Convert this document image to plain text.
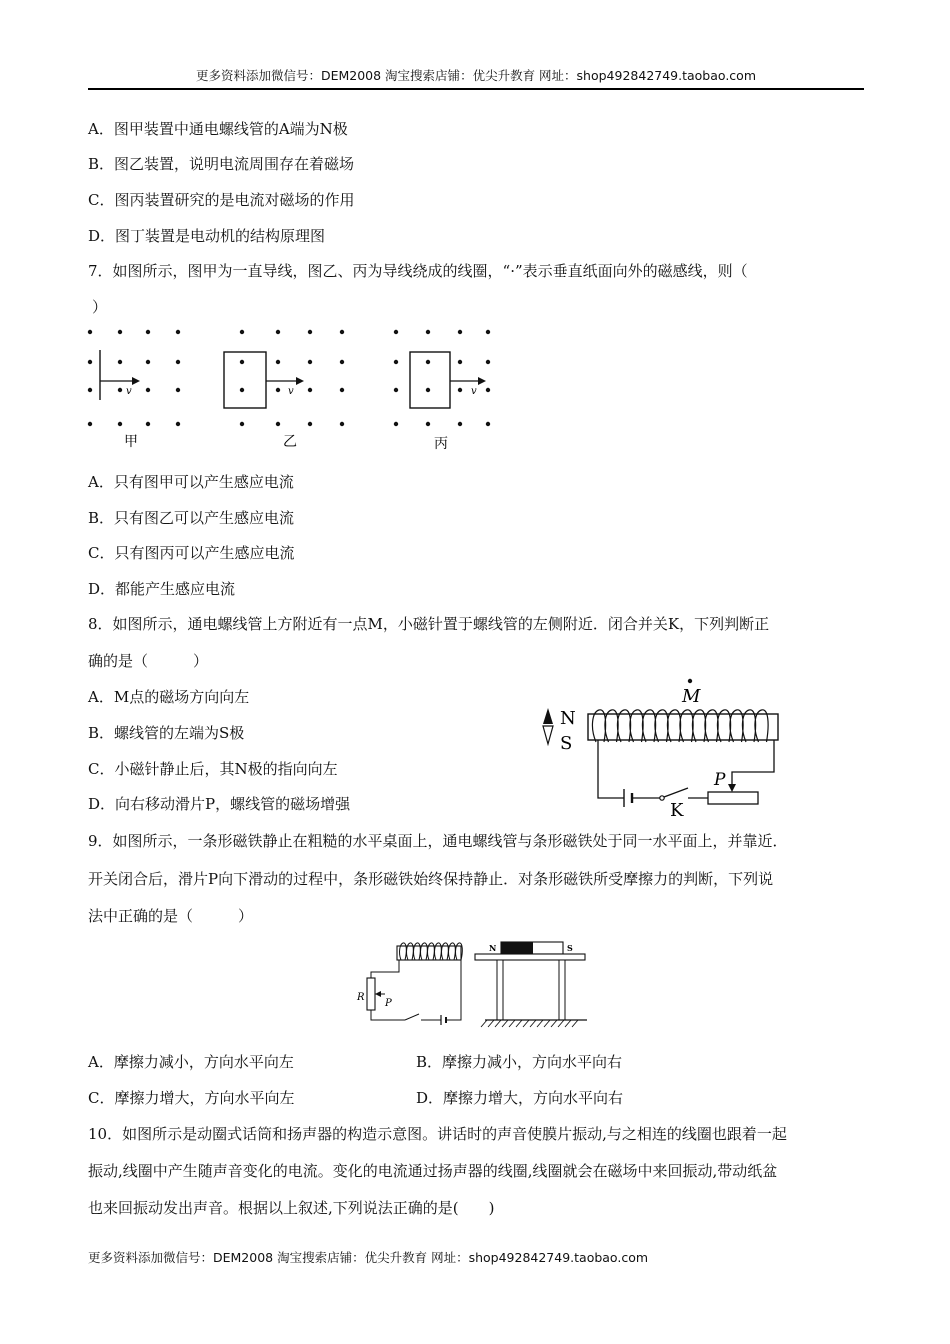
更多资料添加微信号：DEM2008 淘宝搜索店铺：优尖升教育 网址：shop492842749.taobao.com
A．图甲装置中通电螺线管的A端为N极
B．图乙装置，说明电流周围存在着磁场
C．图丙装置研究的是电流对磁场的作用
D．图丁装置是电动机的结构原理图
7．如图所示，图甲为一直导线，图乙、丙为导线绕成的线圈，“·”表示垂直纸面向外的磁感线，则（
）
v	v	v
甲	乙	丙
A．只有图甲可以产生感应电流
B．只有图乙可以产生感应电流
C．只有图丙可以产生感应电流
D．都能产生感应电流
8．如图所示，通电螺线管上方附近有一点M，小磁针置于螺线管的左侧附近．闭合并关K，下列判断正
确的是（　　　）
A．M点的磁场方向向左
B．螺线管的左端为S极
C．小磁针静止后，其N极的指向向左
D．向右移动滑片P，螺线管的磁场增强
M
N
S
K
P
9．如图所示，一条形磁铁静止在粗糙的水平桌面上，通电螺线管与条形磁铁处于同一水平面上，并靠近．
开关闭合后，滑片P向下滑动的过程中，条形磁铁始终保持静止．对条形磁铁所受摩擦力的判断，下列说
法中正确的是（　　　）
R
P
N	S
A．摩擦力减小，方向水平向左	B．摩擦力减小，方向水平向右
C．摩擦力增大，方向水平向左	D．摩擦力增大，方向水平向右
10．如图所示是动圈式话筒和扬声器的构造示意图。讲话时的声音使膜片振动,与之相连的线圈也跟着一起
振动,线圈中产生随声音变化的电流。变化的电流通过扬声器的线圈,线圈就会在磁场中来回振动,带动纸盆
也来回振动发出声音。根据以上叙述,下列说法正确的是(　　)
更多资料添加微信号：DEM2008 淘宝搜索店铺：优尖升教育 网址：shop492842749.taobao.com
